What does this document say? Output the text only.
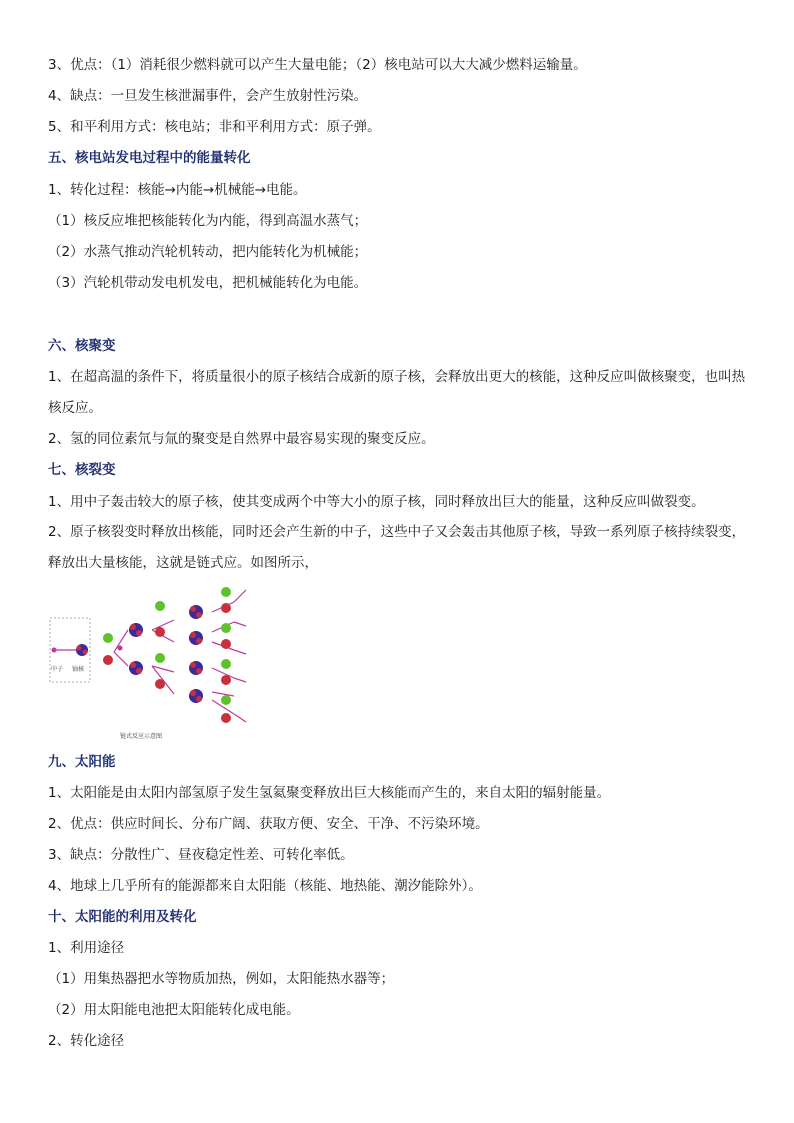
3、优点：（1）消耗很少燃料就可以产生大量电能；（2）核电站可以大大减少燃料运输量。
4、缺点：一旦发生核泄漏事件，会产生放射性污染。
5、和平利用方式：核电站；非和平利用方式：原子弹。
五、核电站发电过程中的能量转化
1、转化过程：核能→内能→机械能→电能。
（1）核反应堆把核能转化为内能，得到高温水蒸气；
（2）水蒸气推动汽轮机转动，把内能转化为机械能；
（3）汽轮机带动发电机发电，把机械能转化为电能。
六、核聚变
1、在超高温的条件下，将质量很小的原子核结合成新的原子核，会释放出更大的核能，这种反应叫做核聚变，也叫热核反应。
2、氢的同位素氘与氚的聚变是自然界中最容易实现的聚变反应。
七、核裂变
1、用中子轰击较大的原子核，使其变成两个中等大小的原子核，同时释放出巨大的能量，这种反应叫做裂变。
2、原子核裂变时释放出核能，同时还会产生新的中子，这些中子又会轰击其他原子核，导致一系列原子核持续裂变，释放出大量核能，这就是链式应。如图所示，
中子 铀核
链式反应示意图
九、太阳能
1、太阳能是由太阳内部氢原子发生氢氦聚变释放出巨大核能而产生的，来自太阳的辐射能量。
2、优点：供应时间长、分布广阔、获取方便、安全、干净、不污染环境。
3、缺点：分散性广、昼夜稳定性差、可转化率低。
4、地球上几乎所有的能源都来自太阳能（核能、地热能、潮汐能除外）。
十、太阳能的利用及转化
1、利用途径
（1）用集热器把水等物质加热，例如，太阳能热水器等；
（2）用太阳能电池把太阳能转化成电能。
2、转化途径
